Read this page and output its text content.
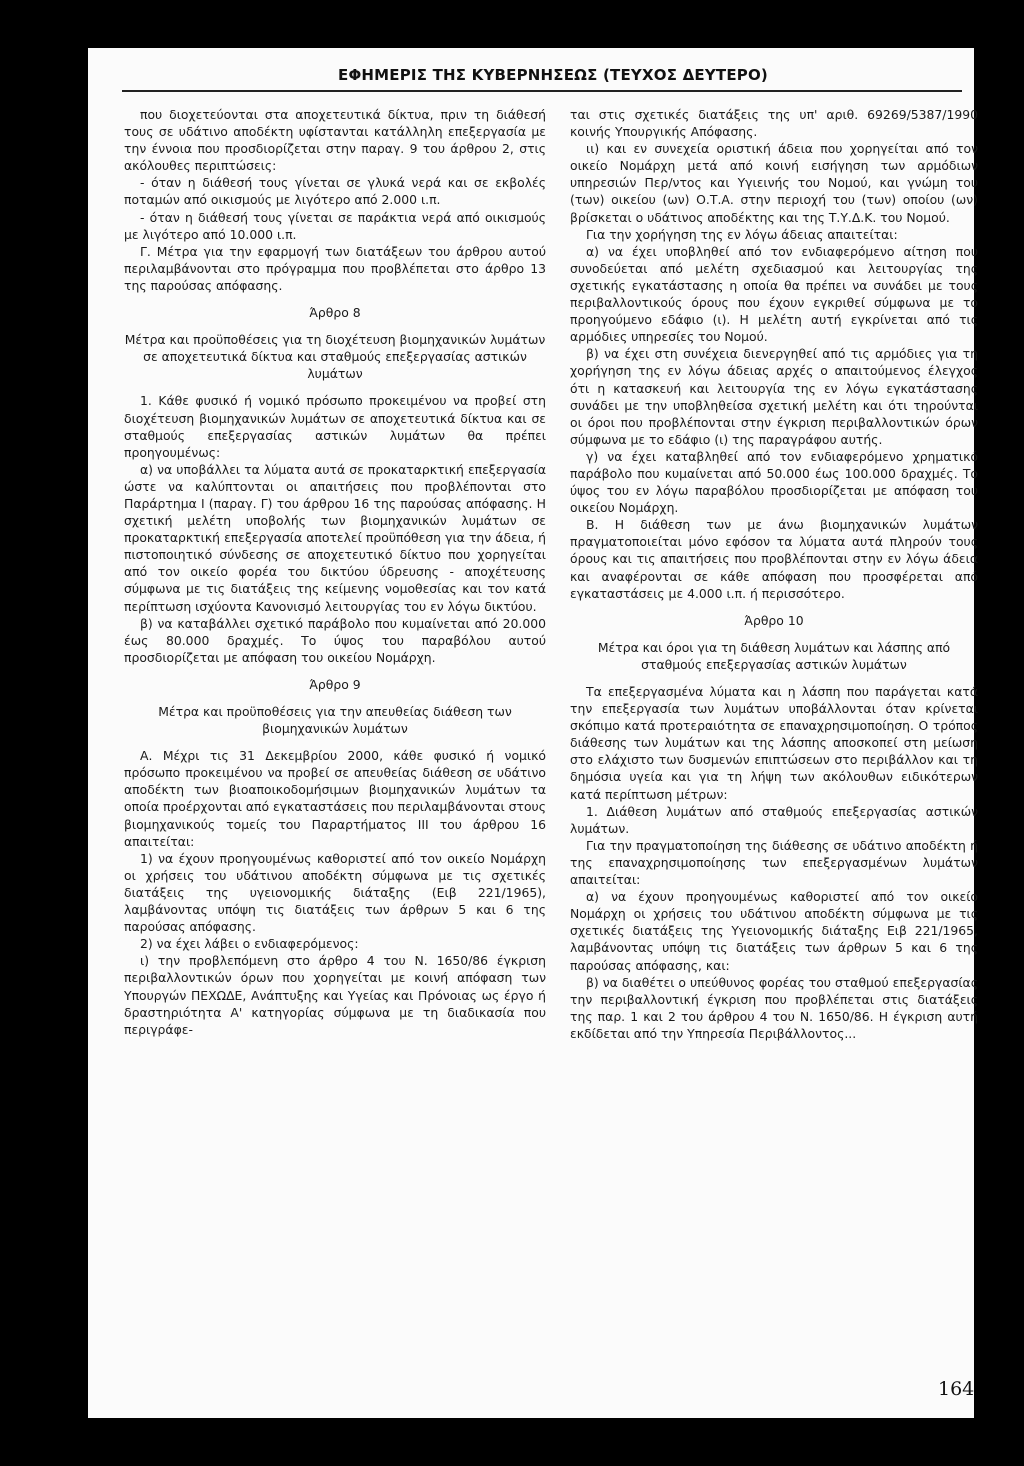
ΕΦΗΜΕΡΙΣ ΤΗΣ ΚΥΒΕΡΝΗΣΕΩΣ (ΤΕΥΧΟΣ ΔΕΥΤΕΡΟ)

που διοχετεύονται στα αποχετευτικά δίκτυα, πριν τη διάθεσή τους σε υδάτινο αποδέκτη υφίστανται κατάλληλη επεξεργασία με την έννοια που προσδιορίζεται στην παραγ. 9 του άρθρου 2, στις ακόλουθες περιπτώσεις:

- όταν η διάθεσή τους γίνεται σε γλυκά νερά και σε εκβολές ποταμών από οικισμούς με λιγότερο από 2.000 ι.π.

- όταν η διάθεσή τους γίνεται σε παράκτια νερά από οικισμούς με λιγότερο από 10.000 ι.π.

Γ. Μέτρα για την εφαρμογή των διατάξεων του άρθρου αυτού περιλαμβάνονται στο πρόγραμμα που προβλέπεται στο άρθρο 13 της παρούσας απόφασης.

Άρθρο 8

Μέτρα και προϋποθέσεις για τη διοχέτευση βιομηχανικών λυμάτων σε αποχετευτικά δίκτυα και σταθμούς επεξεργασίας αστικών λυμάτων

1. Κάθε φυσικό ή νομικό πρόσωπο προκειμένου να προβεί στη διοχέτευση βιομηχανικών λυμάτων σε αποχετευτικά δίκτυα και σε σταθμούς επεξεργασίας αστικών λυμάτων θα πρέπει προηγουμένως:

α) να υποβάλλει τα λύματα αυτά σε προκαταρκτική επεξεργασία ώστε να καλύπτονται οι απαιτήσεις που προβλέπονται στο Παράρτημα I (παραγ. Γ) του άρθρου 16 της παρούσας απόφασης. Η σχετική μελέτη υποβολής των βιομηχανικών λυμάτων σε προκαταρκτική επεξεργασία αποτελεί προϋπόθεση για την άδεια, ή πιστοποιητικό σύνδεσης σε αποχετευτικό δίκτυο που χορηγείται από τον οικείο φορέα του δικτύου ύδρευσης - αποχέτευσης σύμφωνα με τις διατάξεις της κείμενης νομοθεσίας και τον κατά περίπτωση ισχύοντα Κανονισμό λειτουργίας του εν λόγω δικτύου.

β) να καταβάλλει σχετικό παράβολο που κυμαίνεται από 20.000 έως 80.000 δραχμές. Το ύψος του παραβόλου αυτού προσδιορίζεται με απόφαση του οικείου Νομάρχη.

Άρθρο 9

Μέτρα και προϋποθέσεις για την απευθείας διάθεση των βιομηχανικών λυμάτων

Α. Μέχρι τις 31 Δεκεμβρίου 2000, κάθε φυσικό ή νομικό πρόσωπο προκειμένου να προβεί σε απευθείας διάθεση σε υδάτινο αποδέκτη των βιοαποικοδομήσιμων βιομηχανικών λυμάτων τα οποία προέρχονται από εγκαταστάσεις που περιλαμβάνονται στους βιομηχανικούς τομείς του Παραρτήματος III του άρθρου 16 απαιτείται:

1) να έχουν προηγουμένως καθοριστεί από τον οικείο Νομάρχη οι χρήσεις του υδάτινου αποδέκτη σύμφωνα με τις σχετικές διατάξεις της υγειονομικής διάταξης (Ειβ 221/1965), λαμβάνοντας υπόψη τις διατάξεις των άρθρων 5 και 6 της παρούσας απόφασης.

2) να έχει λάβει ο ενδιαφερόμενος:

ι) την προβλεπόμενη στο άρθρο 4 του Ν. 1650/86 έγκριση περιβαλλοντικών όρων που χορηγείται με κοινή απόφαση των Υπουργών ΠΕΧΩΔΕ, Ανάπτυξης και Υγείας και Πρόνοιας ως έργο ή δραστηριότητα Α' κατηγορίας σύμφωνα με τη διαδικασία που περιγράφε-

ται στις σχετικές διατάξεις της υπ' αριθ. 69269/5387/1990 κοινής Υπουργικής Απόφασης.

ιι) και εν συνεχεία οριστική άδεια που χορηγείται από τον οικείο Νομάρχη μετά από κοινή εισήγηση των αρμόδιων υπηρεσιών Περ/ντος και Υγιεινής του Νομού, και γνώμη του (των) οικείου (ων) Ο.Τ.Α. στην περιοχή του (των) οποίου (ων) βρίσκεται ο υδάτινος αποδέκτης και της Τ.Υ.Δ.Κ. του Νομού.

Για την χορήγηση της εν λόγω άδειας απαιτείται:

α) να έχει υποβληθεί από τον ενδιαφερόμενο αίτηση που συνοδεύεται από μελέτη σχεδιασμού και λειτουργίας της σχετικής εγκατάστασης η οποία θα πρέπει να συνάδει με τους περιβαλλοντικούς όρους που έχουν εγκριθεί σύμφωνα με το προηγούμενο εδάφιο (ι). Η μελέτη αυτή εγκρίνεται από τις αρμόδιες υπηρεσίες του Νομού.

β) να έχει στη συνέχεια διενεργηθεί από τις αρμόδιες για τη χορήγηση της εν λόγω άδειας αρχές ο απαιτούμενος έλεγχος ότι η κατασκευή και λειτουργία της εν λόγω εγκατάστασης συνάδει με την υποβληθείσα σχετική μελέτη και ότι τηρούνται οι όροι που προβλέπονται στην έγκριση περιβαλλοντικών όρων σύμφωνα με το εδάφιο (ι) της παραγράφου αυτής.

γ) να έχει καταβληθεί από τον ενδιαφερόμενο χρηματικό παράβολο που κυμαίνεται από 50.000 έως 100.000 δραχμές. Το ύψος του εν λόγω παραβόλου προσδιορίζεται με απόφαση του οικείου Νομάρχη.

Β. Η διάθεση των με άνω βιομηχανικών λυμάτων πραγματοποιείται μόνο εφόσον τα λύματα αυτά πληρούν τους όρους και τις απαιτήσεις που προβλέπονται στην εν λόγω άδεια και αναφέρονται σε κάθε απόφαση που προσφέρεται από εγκαταστάσεις με 4.000 ι.π. ή περισσότερο.

Άρθρο 10

Μέτρα και όροι για τη διάθεση λυμάτων και λάσπης από σταθμούς επεξεργασίας αστικών λυμάτων

Τα επεξεργασμένα λύματα και η λάσπη που παράγεται κατά την επεξεργασία των λυμάτων υποβάλλονται όταν κρίνεται σκόπιμο κατά προτεραιότητα σε επαναχρησιμοποίηση. Ο τρόπος διάθεσης των λυμάτων και της λάσπης αποσκοπεί στη μείωση στο ελάχιστο των δυσμενών επιπτώσεων στο περιβάλλον και τη δημόσια υγεία και για τη λήψη των ακόλουθων ειδικότερων κατά περίπτωση μέτρων:

1. Διάθεση λυμάτων από σταθμούς επεξεργασίας αστικών λυμάτων.

Για την πραγματοποίηση της διάθεσης σε υδάτινο αποδέκτη ή της επαναχρησιμοποίησης των επεξεργασμένων λυμάτων απαιτείται:

α) να έχουν προηγουμένως καθοριστεί από τον οικείο Νομάρχη οι χρήσεις του υδάτινου αποδέκτη σύμφωνα με τις σχετικές διατάξεις της Υγειονομικής διάταξης Ειβ 221/1965, λαμβάνοντας υπόψη τις διατάξεις των άρθρων 5 και 6 της παρούσας απόφασης, και:

β) να διαθέτει ο υπεύθυνος φορέας του σταθμού επεξεργασίας την περιβαλλοντική έγκριση που προβλέπεται στις διατάξεις της παρ. 1 και 2 του άρθρου 4 του Ν. 1650/86. Η έγκριση αυτή εκδίδεται από την Υπηρεσία Περιβάλλοντος...

164
